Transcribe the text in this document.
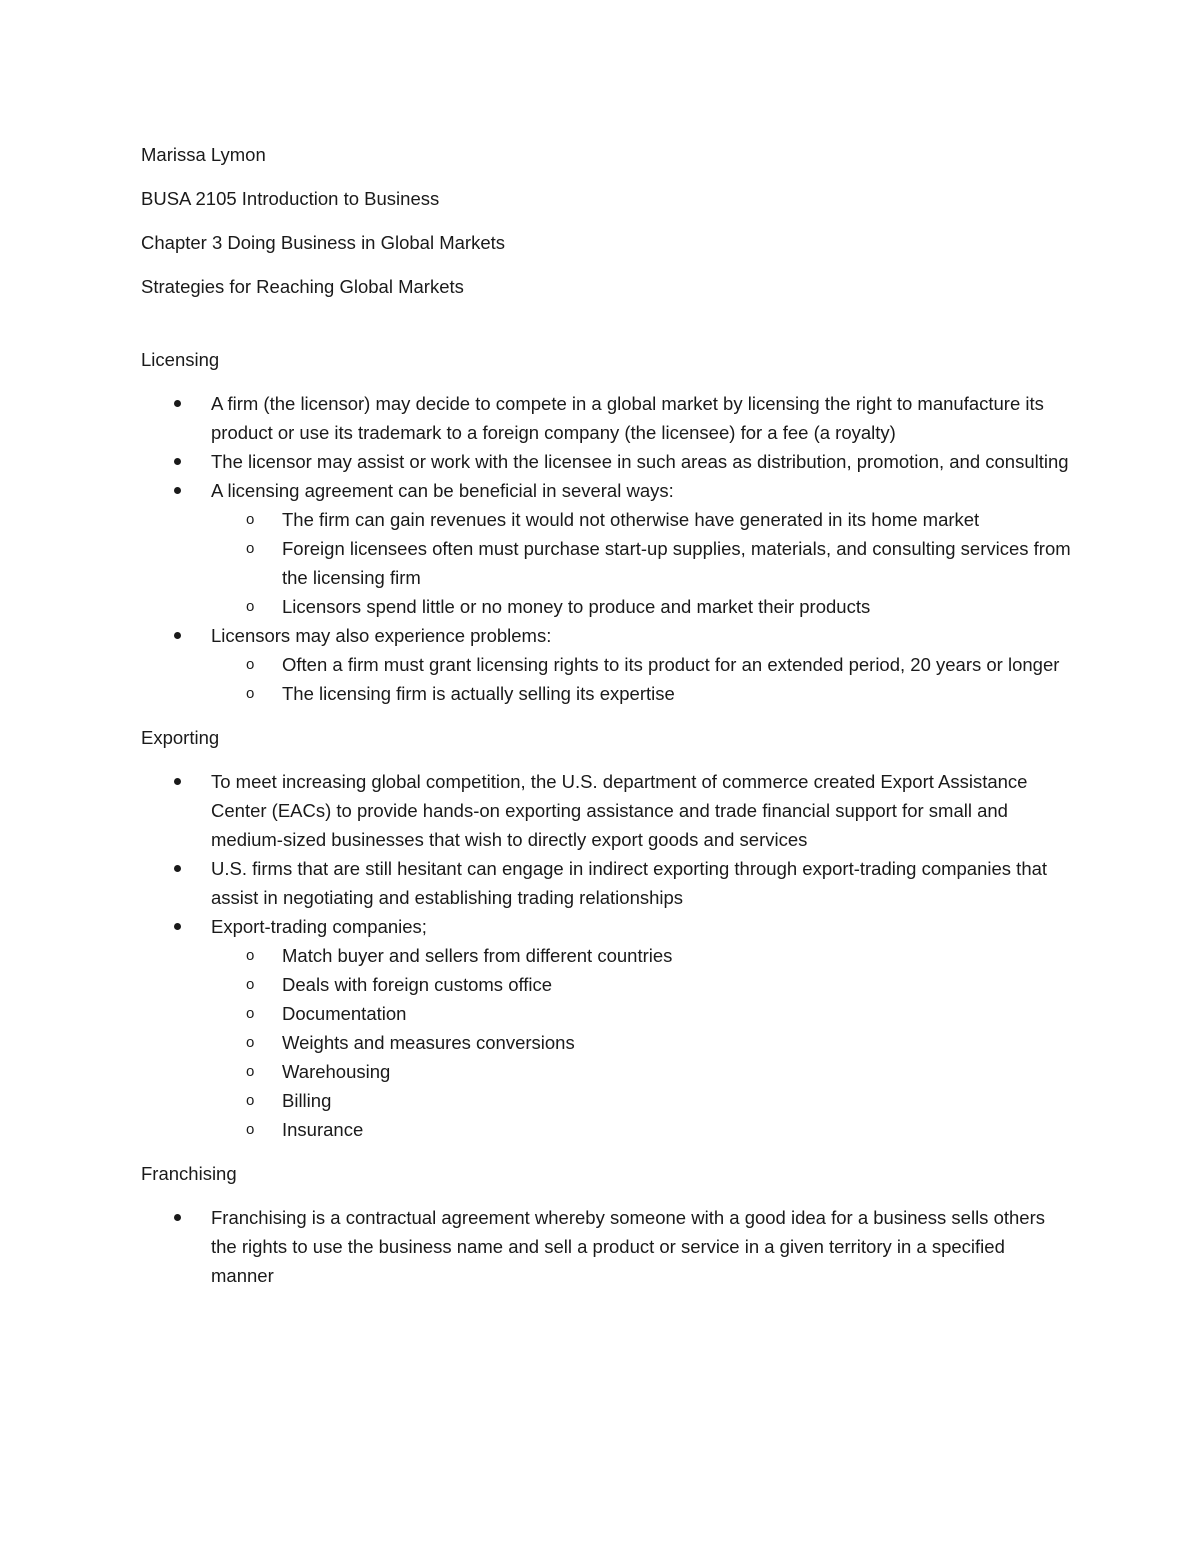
Marissa Lymon
BUSA 2105 Introduction to Business
Chapter 3 Doing Business in Global Markets
Strategies for Reaching Global Markets
Licensing
A firm (the licensor) may decide to compete in a global market by licensing the right to manufacture its product or use its trademark to a foreign company (the licensee) for a fee (a royalty)
The licensor may assist or work with the licensee in such areas as distribution, promotion, and consulting
A licensing agreement can be beneficial in several ways:
o The firm can gain revenues it would not otherwise have generated in its home market
o Foreign licensees often must purchase start-up supplies, materials, and consulting services from the licensing firm
o Licensors spend little or no money to produce and market their products
Licensors may also experience problems:
o Often a firm must grant licensing rights to its product for an extended period, 20 years or longer
o The licensing firm is actually selling its expertise
Exporting
To meet increasing global competition, the U.S. department of commerce created Export Assistance Center (EACs) to provide hands-on exporting assistance and trade financial support for small and medium-sized businesses that wish to directly export goods and services
U.S. firms that are still hesitant can engage in indirect exporting through export-trading companies that assist in negotiating and establishing trading relationships
Export-trading companies;
o Match buyer and sellers from different countries
o Deals with foreign customs office
o Documentation
o Weights and measures conversions
o Warehousing
o Billing
o Insurance
Franchising
Franchising is a contractual agreement whereby someone with a good idea for a business sells others the rights to use the business name and sell a product or service in a given territory in a specified manner
